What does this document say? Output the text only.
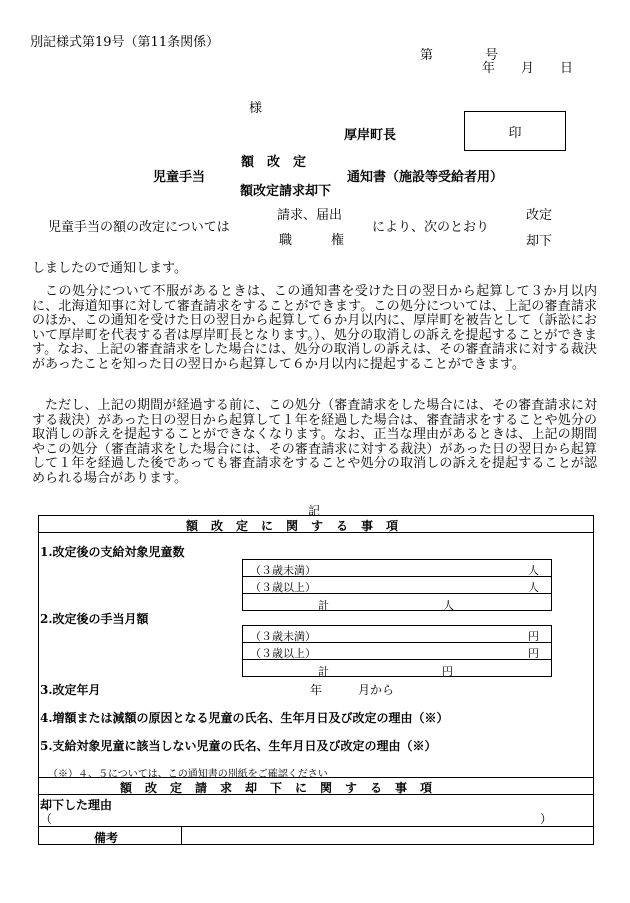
別記様式第19号（第11条関係）
第　　　　号
年　　月　　日
様
厚岸町長	印
額　改　定
児童手当	通知書（施設等受給者用）
額改定請求却下
請求、届出	改定
児童手当の額の改定については	により、次のとおり
職　　　権	却下
しましたので通知します。
この処分について不服があるときは、この通知書を受けた日の翌日から起算して３か月以内に、北海道知事に対して審査請求をすることができます。この処分については、上記の審査請求のほか、この通知を受けた日の翌日から起算して６か月以内に、厚岸町を被告として（訴訟において厚岸町を代表する者は厚岸町長となります。）、処分の取消しの訴えを提起することができます。なお、上記の審査請求をした場合には、処分の取消しの訴えは、その審査請求に対する裁決があったことを知った日の翌日から起算して６か月以内に提起することができます。
ただし、上記の期間が経過する前に、この処分（審査請求をした場合には、その審査請求に対する裁決）があった日の翌日から起算して１年を経過した場合は、審査請求をすることや処分の取消しの訴えを提起することができなくなります。なお、正当な理由があるときは、上記の期間やこの処分（審査請求をした場合には、その審査請求に対する裁決）があった日の翌日から起算して１年を経過した後であっても審査請求をすることや処分の取消しの訴えを提起することが認められる場合があります。
記
額改定に関する事項
1.改定後の支給対象児童数
（３歳未満）	人
（３歳以上）	人
計	人
2.改定後の手当月額
（３歳未満）	円
（３歳以上）	円
計	円
3.改定年月	年　　　月から
4.増額または減額の原因となる児童の氏名、生年月日及び改定の理由（※）
5.支給対象児童に該当しない児童の氏名、生年月日及び改定の理由（※）
（※）４、５については、この通知書の別紙をご確認ください
額改定請求却下に関する事項
却下した理由
（	）
備考
